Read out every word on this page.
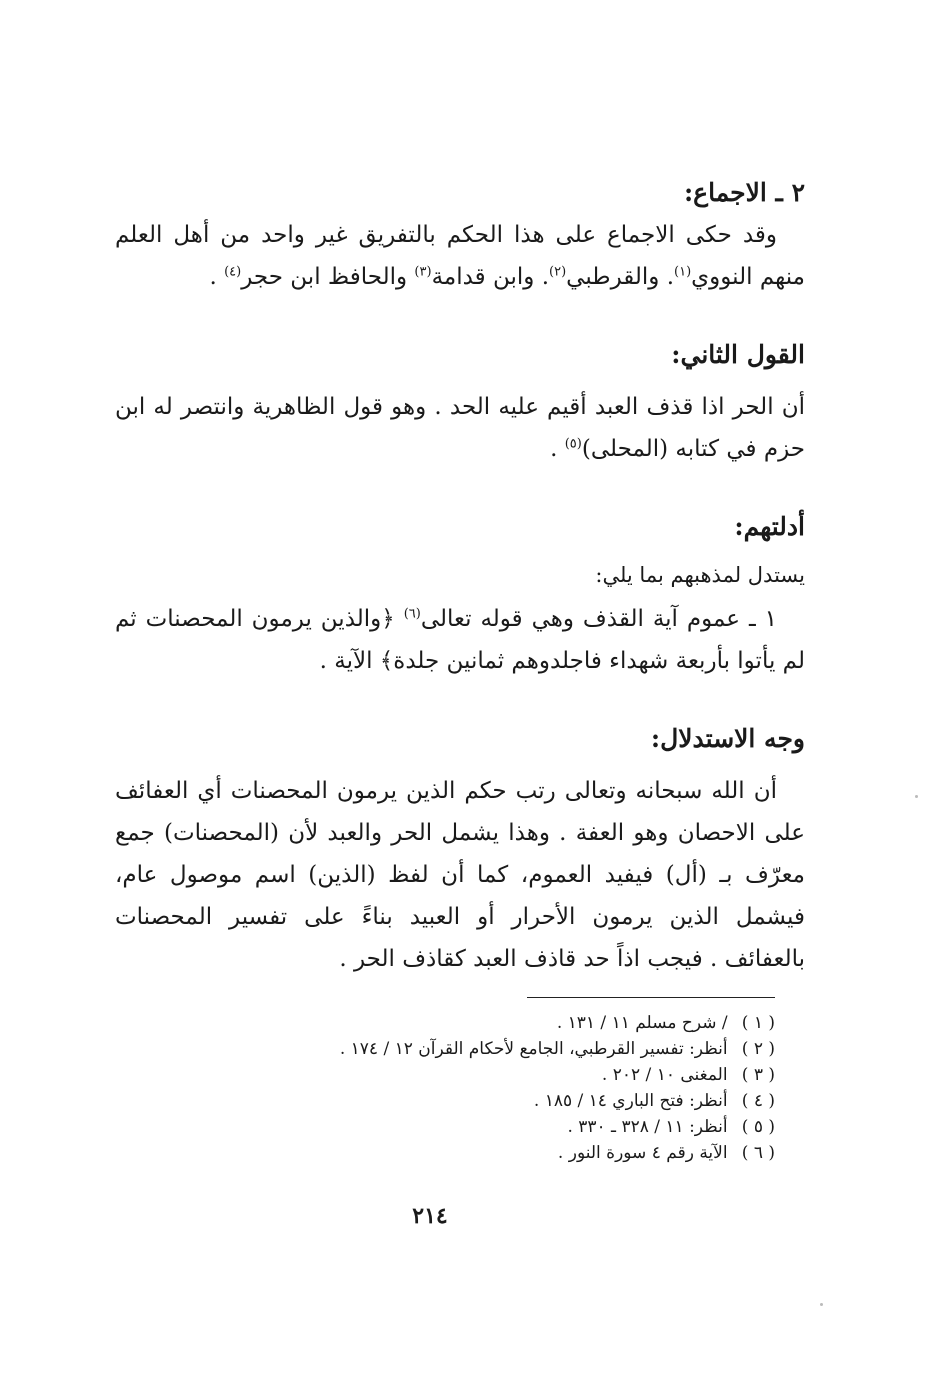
٢ ـ الاجماع:
وقد حكى الاجماع على هذا الحكم بالتفريق غير واحد من أهل العلم منهم النووي$^{(١)}$. والقرطبي$^{(٢)}$. وابن قدامة$^{(٣)}$ والحافظ ابن حجر$^{(٤)}$ .
القول الثاني:
أن الحر اذا قذف العبد أقيم عليه الحد . وهو قول الظاهرية وانتصر له ابن حزم في كتابه (المحلى)$^{(٥)}$ .
أدلتهم:
يستدل لمذهبهم بما يلي:
١ ـ عموم آية القذف وهي قوله تعالى$^{(٦)}$ ﴿والذين يرمون المحصنات ثم لم يأتوا بأربعة شهداء فاجلدوهم ثمانين جلدة﴾ الآية .
وجه الاستدلال:
أن الله سبحانه وتعالى رتب حكم الذين يرمون المحصنات أي العفائف على الاحصان وهو العفة . وهذا يشمل الحر والعبد لأن (المحصنات) جمع معرّف بـ (أل) فيفيد العموم، كما أن لفظ (الذين) اسم موصول عام، فيشمل الذين يرمون الأحرار أو العبيد بناءً على تفسير المحصنات بالعفائف . فيجب اذاً حد قاذف العبد كقاذف الحر .
( ١ ) / شرح مسلم ١١ / ١٣١ .
( ٢ ) أنظر: تفسير القرطبي، الجامع لأحكام القرآن ١٢ / ١٧٤ .
( ٣ ) المغنى ١٠ / ٢٠٢ .
( ٤ ) أنظر: فتح الباري ١٤ / ١٨٥ .
( ٥ ) أنظر: ١١ / ٣٢٨ ـ ٣٣٠ .
( ٦ ) الآية رقم ٤ سورة النور .
٢١٤
